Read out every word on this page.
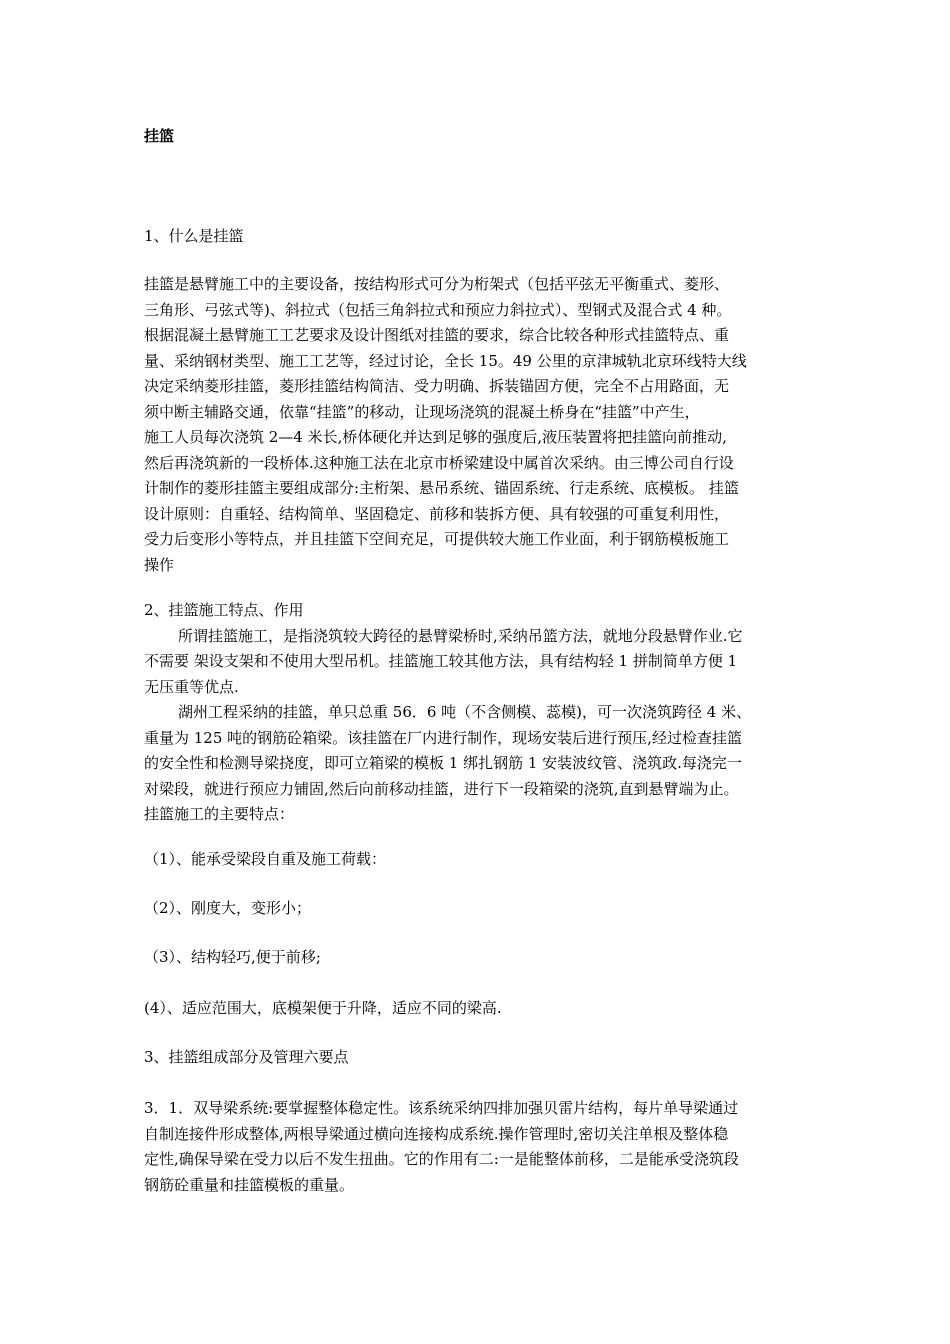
挂篮
1、什么是挂篮
挂篮是悬臂施工中的主要设备，按结构形式可分为桁架式（包括平弦无平衡重式、菱形、
三角形、弓弦式等)、斜拉式（包括三角斜拉式和预应力斜拉式）、型钢式及混合式 4 种。
根据混凝土悬臂施工工艺要求及设计图纸对挂篮的要求，综合比较各种形式挂篮特点、重
量、采纳钢材类型、施工工艺等，经过讨论，全长 15。49 公里的京津城轨北京环线特大线
决定采纳菱形挂篮，菱形挂篮结构简洁、受力明确、拆装锚固方便，完全不占用路面，无
须中断主辅路交通，依靠“挂篮”的移动，让现场浇筑的混凝土桥身在“挂篮”中产生，
施工人员每次浇筑 2—4 米长,桥体硬化并达到足够的强度后,液压装置将把挂篮向前推动,
然后再浇筑新的一段桥体.这种施工法在北京市桥梁建设中属首次采纳。由三博公司自行设
计制作的菱形挂篮主要组成部分:主桁架、悬吊系统、锚固系统、行走系统、底模板。 挂篮
设计原则：自重轻、结构简单、坚固稳定、前移和装拆方便、具有较强的可重复利用性，
受力后变形小等特点，并且挂篮下空间充足，可提供较大施工作业面，利于钢筋模板施工
操作
2、挂篮施工特点、作用
所谓挂篮施工，是指浇筑较大跨径的悬臂梁桥时,采纳吊篮方法，就地分段悬臂作业.它
不需要 架设支架和不使用大型吊机。挂篮施工较其他方法，具有结构轻 1 拼制简单方便 1
无压重等优点.
湖州工程采纳的挂篮，单只总重 56．6 吨（不含侧模、蕊模)，可一次浇筑跨径 4 米、
重量为 125 吨的钢筋砼箱梁。该挂篮在厂内进行制作，现场安装后进行预压,经过检查挂篮
的安全性和检测导梁挠度，即可立箱梁的模板 1 绑扎钢筋 1 安装波纹管、浇筑政.每浇完一
对梁段，就进行预应力铺固,然后向前移动挂篮，进行下一段箱梁的浇筑,直到悬臂端为止。
挂篮施工的主要特点：
（1）、能承受梁段自重及施工荷载：
（2）、刚度大，变形小；
（3）、结构轻巧,便于前移;
(4）、适应范围大，底模架便于升降，适应不同的梁高.
3、挂篮组成部分及管理六要点
3．1．双导梁系统:要掌握整体稳定性。该系统采纳四排加强贝雷片结构，每片单导梁通过
自制连接件形成整体,两根导梁通过横向连接构成系统.操作管理时,密切关注单根及整体稳
定性,确保导梁在受力以后不发生扭曲。它的作用有二:一是能整体前移，二是能承受浇筑段
钢筋砼重量和挂篮模板的重量。
